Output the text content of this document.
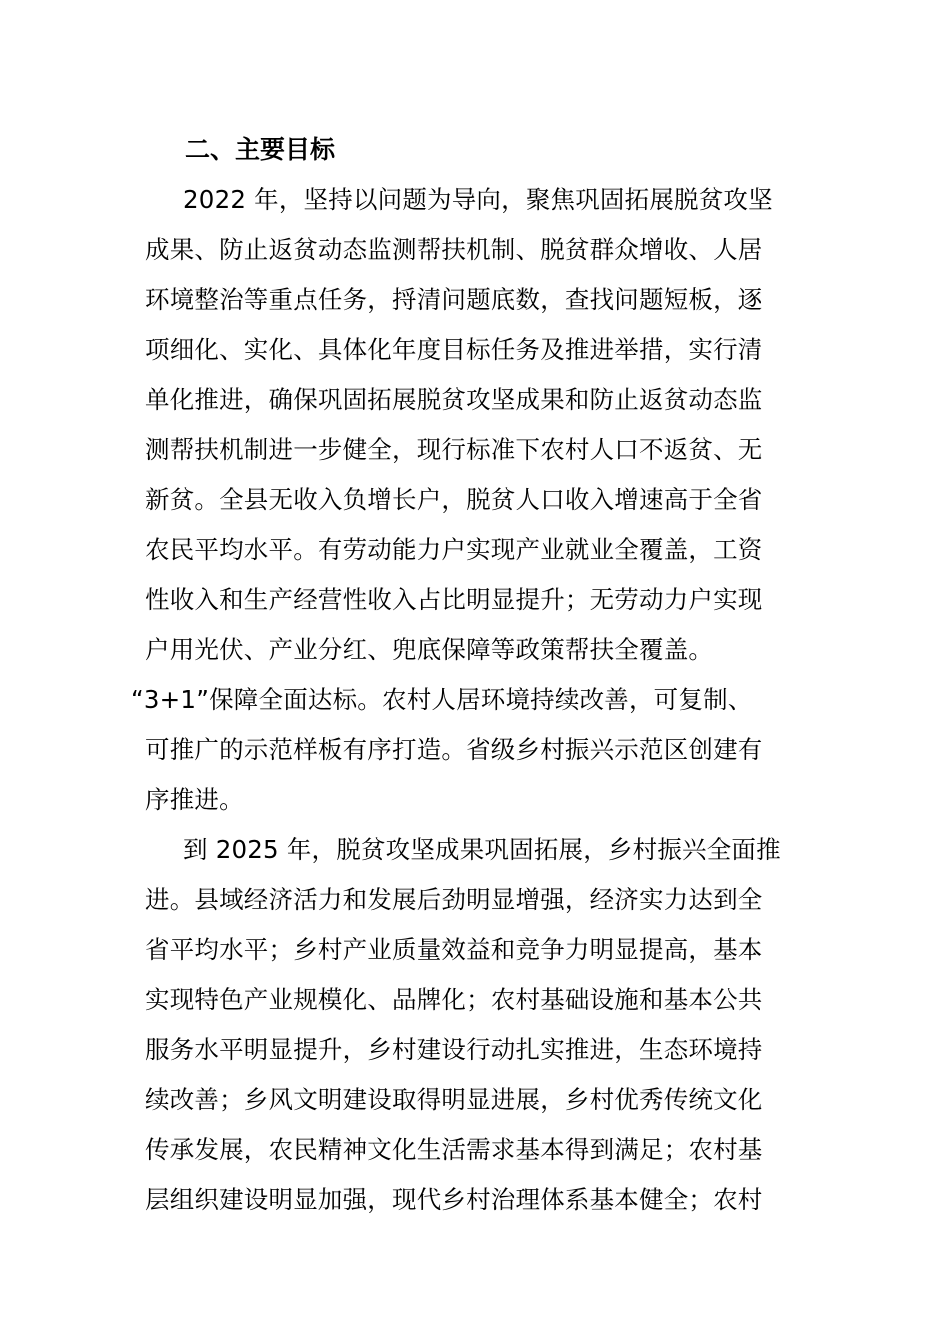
二、主要目标
2022 年，坚持以问题为导向，聚焦巩固拓展脱贫攻坚
成果、防止返贫动态监测帮扶机制、脱贫群众增收、人居
环境整治等重点任务，捋清问题底数，查找问题短板，逐
项细化、实化、具体化年度目标任务及推进举措，实行清
单化推进，确保巩固拓展脱贫攻坚成果和防止返贫动态监
测帮扶机制进一步健全，现行标准下农村人口不返贫、无
新贫。全县无收入负增长户，脱贫人口收入增速高于全省
农民平均水平。有劳动能力户实现产业就业全覆盖，工资
性收入和生产经营性收入占比明显提升；无劳动力户实现
户用光伏、产业分红、兜底保障等政策帮扶全覆盖。
“3+1”保障全面达标。农村人居环境持续改善，可复制、
可推广的示范样板有序打造。省级乡村振兴示范区创建有
序推进。
到 2025 年，脱贫攻坚成果巩固拓展，乡村振兴全面推
进。县域经济活力和发展后劲明显增强，经济实力达到全
省平均水平；乡村产业质量效益和竞争力明显提高，基本
实现特色产业规模化、品牌化；农村基础设施和基本公共
服务水平明显提升，乡村建设行动扎实推进，生态环境持
续改善；乡风文明建设取得明显进展，乡村优秀传统文化
传承发展，农民精神文化生活需求基本得到满足；农村基
层组织建设明显加强，现代乡村治理体系基本健全；农村
